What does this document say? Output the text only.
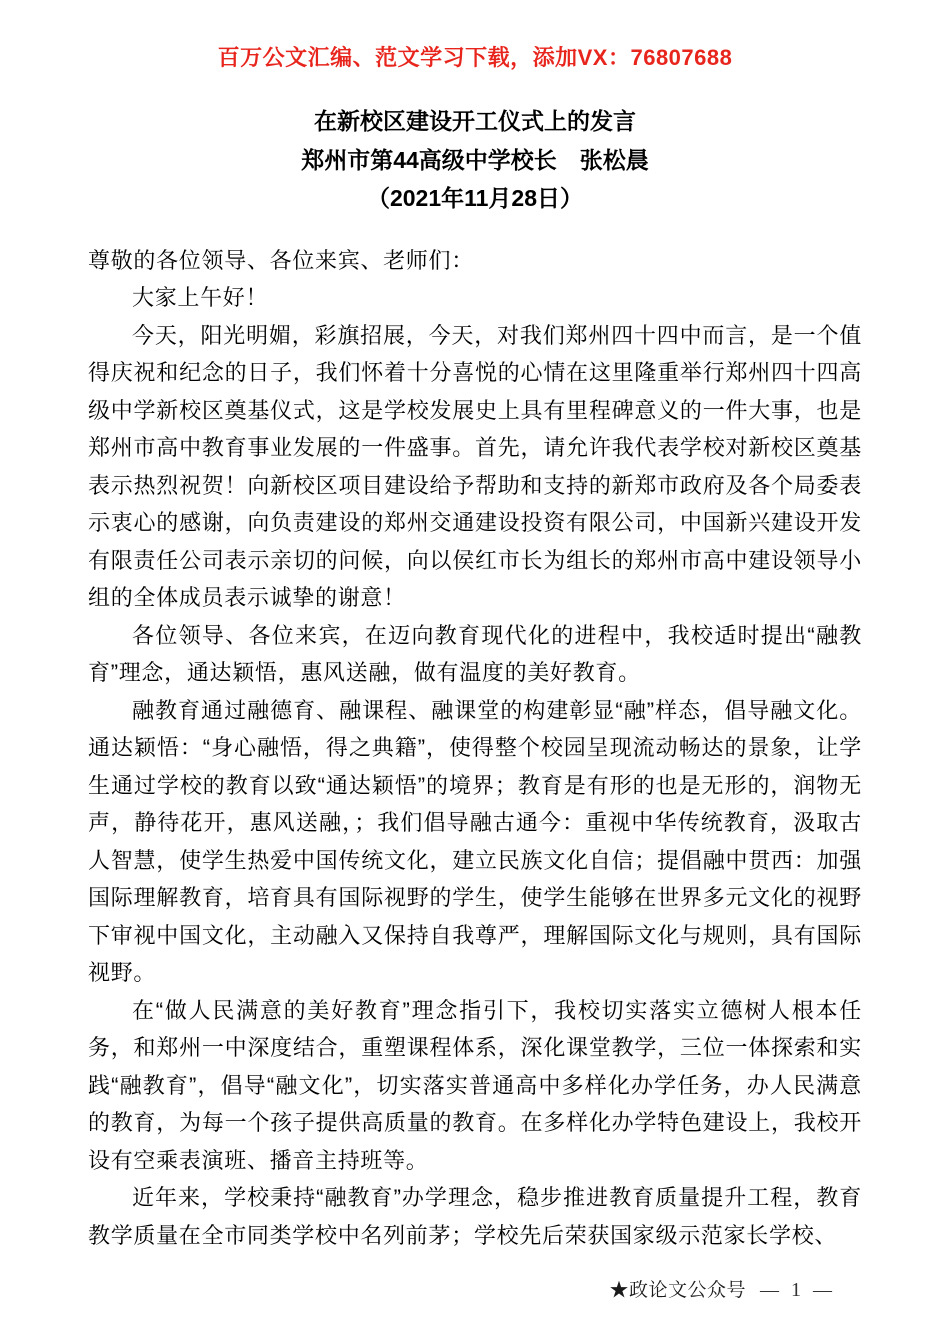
百万公文汇编、范文学习下载，添加VX：76807688
在新校区建设开工仪式上的发言
郑州市第44高级中学校长　张松晨
（2021年11月28日）

尊敬的各位领导、各位来宾、老师们：

大家上午好！

今天，阳光明媚，彩旗招展，今天，对我们郑州四十四中而言，是一个值得庆祝和纪念的日子，我们怀着十分喜悦的心情在这里隆重举行郑州四十四高级中学新校区奠基仪式，这是学校发展史上具有里程碑意义的一件大事，也是郑州市高中教育事业发展的一件盛事。首先，请允许我代表学校对新校区奠基表示热烈祝贺！向新校区项目建设给予帮助和支持的新郑市政府及各个局委表示衷心的感谢，向负责建设的郑州交通建设投资有限公司，中国新兴建设开发有限责任公司表示亲切的问候，向以侯红市长为组长的郑州市高中建设领导小组的全体成员表示诚挚的谢意！

各位领导、各位来宾，在迈向教育现代化的进程中，我校适时提出“融教育”理念，通达颖悟，惠风送融，做有温度的美好教育。

融教育通过融德育、融课程、融课堂的构建彰显“融”样态，倡导融文化。通达颖悟：“身心融悟，得之典籍”，使得整个校园呈现流动畅达的景象，让学生通过学校的教育以致“通达颖悟”的境界；教育是有形的也是无形的，润物无声，静待花开，惠风送融，；我们倡导融古通今：重视中华传统教育，汲取古人智慧，使学生热爱中国传统文化，建立民族文化自信；提倡融中贯西：加强国际理解教育，培育具有国际视野的学生，使学生能够在世界多元文化的视野下审视中国文化，主动融入又保持自我尊严，理解国际文化与规则，具有国际视野。

在“做人民满意的美好教育”理念指引下，我校切实落实立德树人根本任务，和郑州一中深度结合，重塑课程体系，深化课堂教学，三位一体探索和实践“融教育”，倡导“融文化”，切实落实普通高中多样化办学任务，办人民满意的教育，为每一个孩子提供高质量的教育。在多样化办学特色建设上，我校开设有空乘表演班、播音主持班等。

近年来，学校秉持“融教育”办学理念，稳步推进教育质量提升工程，教育教学质量在全市同类学校中名列前茅；学校先后荣获国家级示范家长学校、

★政论文公众号 — 1 —
